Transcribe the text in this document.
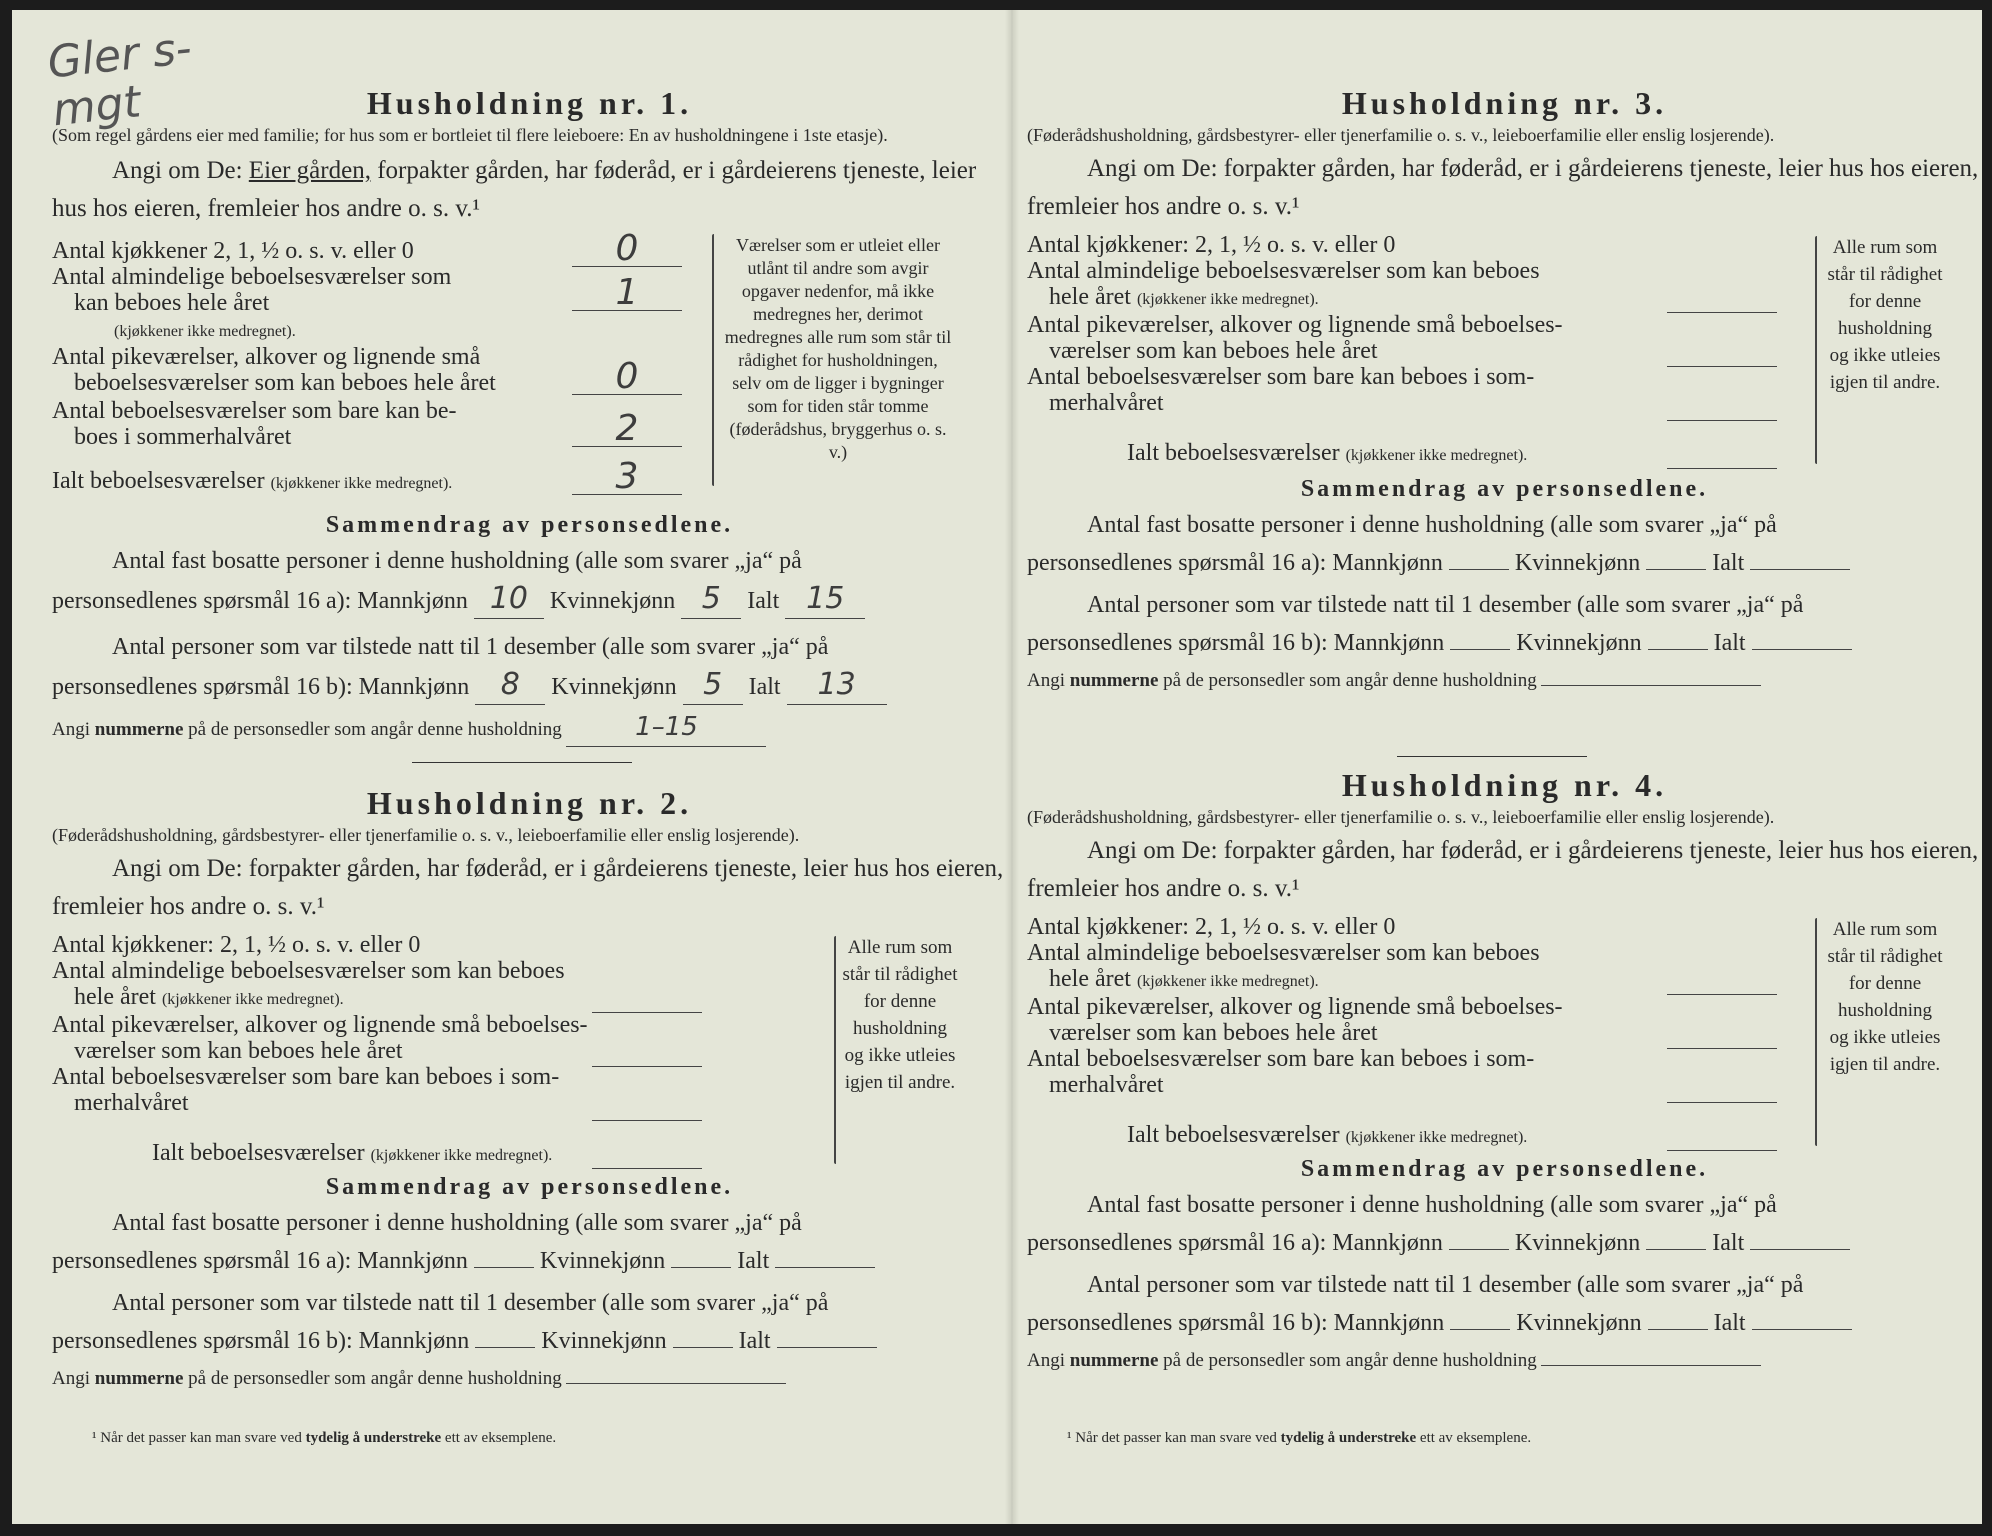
Gler s-
mgt	Husholdning nr. 1.
(Som regel gårdens eier med familie; for hus som er bortleiet til flere leieboere: En av husholdningene i 1ste etasje).
Angi om De: Eier gården, forpakter gården, har føderåd, er i gårdeierens tjeneste, leier hus hos eieren, fremleier hos andre o. s. v.¹
Antal kjøkkener 2, 1, ½ o. s. v. eller 0	0
Antal almindelige beboelsesværelser som
kan beboes hele året
(kjøkkener ikke medregnet).
1
Antal pikeværelser, alkover og lignende små
beboelsesværelser som kan beboes hele året	0
Antal beboelsesværelser som bare kan be-
boes i sommerhalvåret	2
Ialt beboelsesværelser (kjøkkener ikke medregnet).	3
Værelser som er utleiet eller utlånt til andre som avgir opgaver nedenfor, må ikke medregnes her, derimot medregnes alle rum som står til rådighet for husholdningen, selv om de ligger i bygninger som for tiden står tomme (føderådshus, bryggerhus o. s. v.)
Sammendrag av personsedlene.
Antal fast bosatte personer i denne husholdning (alle som svarer „ja“ på
personsedlenes spørsmål 16 a): Mannkjønn 10 Kvinnekjønn 5 Ialt 15
Antal personer som var tilstede natt til 1 desember (alle som svarer „ja“ på
personsedlenes spørsmål 16 b): Mannkjønn 8 Kvinnekjønn 5 Ialt 13
Angi nummerne på de personsedler som angår denne husholdning	1–15
Husholdning nr. 2.
(Føderådshusholdning, gårdsbestyrer- eller tjenerfamilie o. s. v., leieboerfamilie eller enslig losjerende).
Angi om De: forpakter gården, har føderåd, er i gårdeierens tjeneste, leier hus hos eieren, fremleier hos andre o. s. v.¹
Antal kjøkkener: 2, 1, ½ o. s. v. eller 0
Antal almindelige beboelsesværelser som kan beboes
hele året (kjøkkener ikke medregnet).
Antal pikeværelser, alkover og lignende små beboelses-
værelser som kan beboes hele året
Antal beboelsesværelser som bare kan beboes i som-
merhalvåret
Ialt beboelsesværelser (kjøkkener ikke medregnet).
Alle rum som står til rådighet for denne husholdning og ikke utleies igjen til andre.
Sammendrag av personsedlene.
Antal fast bosatte personer i denne husholdning (alle som svarer „ja“ på
personsedlenes spørsmål 16 a): Mannkjønn	Kvinnekjønn	Ialt
Antal personer som var tilstede natt til 1 desember (alle som svarer „ja“ på
personsedlenes spørsmål 16 b): Mannkjønn	Kvinnekjønn	Ialt
Angi nummerne på de personsedler som angår denne husholdning
¹ Når det passer kan man svare ved tydelig å understreke ett av eksemplene.
Husholdning nr. 3.
(Føderådshusholdning, gårdsbestyrer- eller tjenerfamilie o. s. v., leieboerfamilie eller enslig losjerende).
Angi om De: forpakter gården, har føderåd, er i gårdeierens tjeneste, leier hus hos eieren, fremleier hos andre o. s. v.¹
Antal kjøkkener: 2, 1, ½ o. s. v. eller 0
Antal almindelige beboelsesværelser som kan beboes
hele året (kjøkkener ikke medregnet).
Antal pikeværelser, alkover og lignende små beboelses-
værelser som kan beboes hele året
Antal beboelsesværelser som bare kan beboes i som-
merhalvåret
Ialt beboelsesværelser (kjøkkener ikke medregnet).
Alle rum som står til rådighet for denne husholdning og ikke utleies igjen til andre.
Sammendrag av personsedlene.
Antal fast bosatte personer i denne husholdning (alle som svarer „ja“ på
personsedlenes spørsmål 16 a): Mannkjønn	Kvinnekjønn	Ialt
Antal personer som var tilstede natt til 1 desember (alle som svarer „ja“ på
personsedlenes spørsmål 16 b): Mannkjønn	Kvinnekjønn	Ialt
Angi nummerne på de personsedler som angår denne husholdning
Husholdning nr. 4.
(Føderådshusholdning, gårdsbestyrer- eller tjenerfamilie o. s. v., leieboerfamilie eller enslig losjerende).
Angi om De: forpakter gården, har føderåd, er i gårdeierens tjeneste, leier hus hos eieren, fremleier hos andre o. s. v.¹
Antal kjøkkener: 2, 1, ½ o. s. v. eller 0
Antal almindelige beboelsesværelser som kan beboes
hele året (kjøkkener ikke medregnet).
Antal pikeværelser, alkover og lignende små beboelses-
værelser som kan beboes hele året
Antal beboelsesværelser som bare kan beboes i som-
merhalvåret
Ialt beboelsesværelser (kjøkkener ikke medregnet).
Alle rum som står til rådighet for denne husholdning og ikke utleies igjen til andre.
Sammendrag av personsedlene.
Antal fast bosatte personer i denne husholdning (alle som svarer „ja“ på
personsedlenes spørsmål 16 a): Mannkjønn	Kvinnekjønn	Ialt
Antal personer som var tilstede natt til 1 desember (alle som svarer „ja“ på
personsedlenes spørsmål 16 b): Mannkjønn	Kvinnekjønn	Ialt
Angi nummerne på de personsedler som angår denne husholdning
¹ Når det passer kan man svare ved tydelig å understreke ett av eksemplene.
